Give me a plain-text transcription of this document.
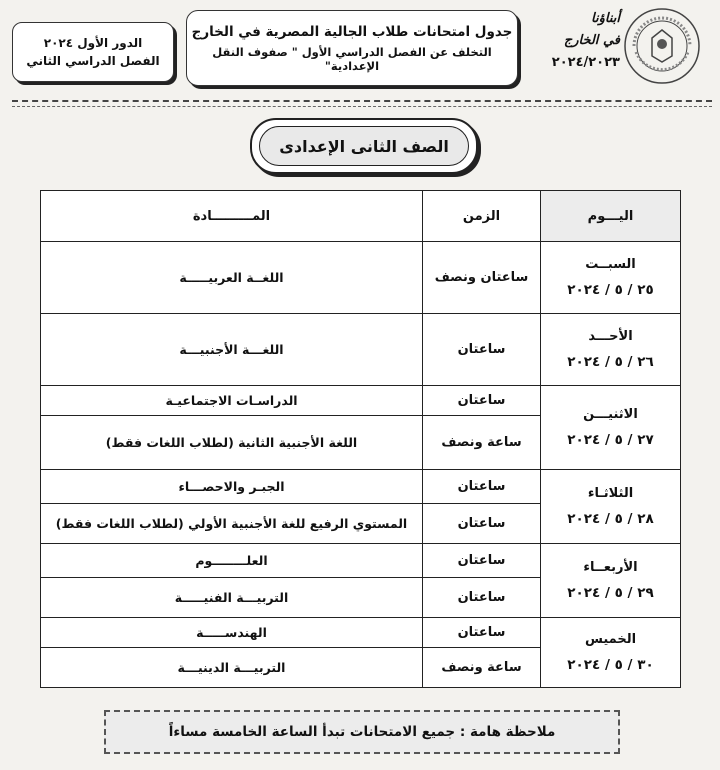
الدور الأول ٢٠٢٤
الفصل الدراسي الثاني
جدول امتحانات طلاب الجالية المصرية في الخارج
التخلف عن الفصل الدراسي الأول " صفوف النقل الإعدادية"
أبناؤنا
في الخارج
٢٠٢٤/٢٠٢٣
الصف الثانى الإعدادى
اليـــوم	الزمن	المـــــــــادة

السبــت
٢٥ / ٥ / ٢٠٢٤	ساعتان ونصف	اللغــة العربيـــــة

الأحـــد
٢٦ / ٥ / ٢٠٢٤	ساعتان	اللغـــة الأجنبيـــة

الاثنيـــن
٢٧ / ٥ / ٢٠٢٤	ساعتان	الدراسـات الاجتماعيـة
	ساعة ونصف	اللغة الأجنبية الثانية (لطلاب اللغات فقط)

الثلاثـاء
٢٨ / ٥ / ٢٠٢٤	ساعتان	الجبـر والاحصـــاء
	ساعتان	المستوي الرفيع للغة الأجنبية الأولي (لطلاب اللغات فقط)

الأربعــاء
٢٩ / ٥ / ٢٠٢٤	ساعتان	العلــــــــوم
	ساعتان	التربيـــة الفنيـــــة

الخميس
٣٠ / ٥ / ٢٠٢٤	ساعتان	الهندســـــة
	ساعة ونصف	التربيـــة الدينيـــة
ملاحظة هامة : جميع الامتحانات تبدأ الساعة الخامسة مساءاً
